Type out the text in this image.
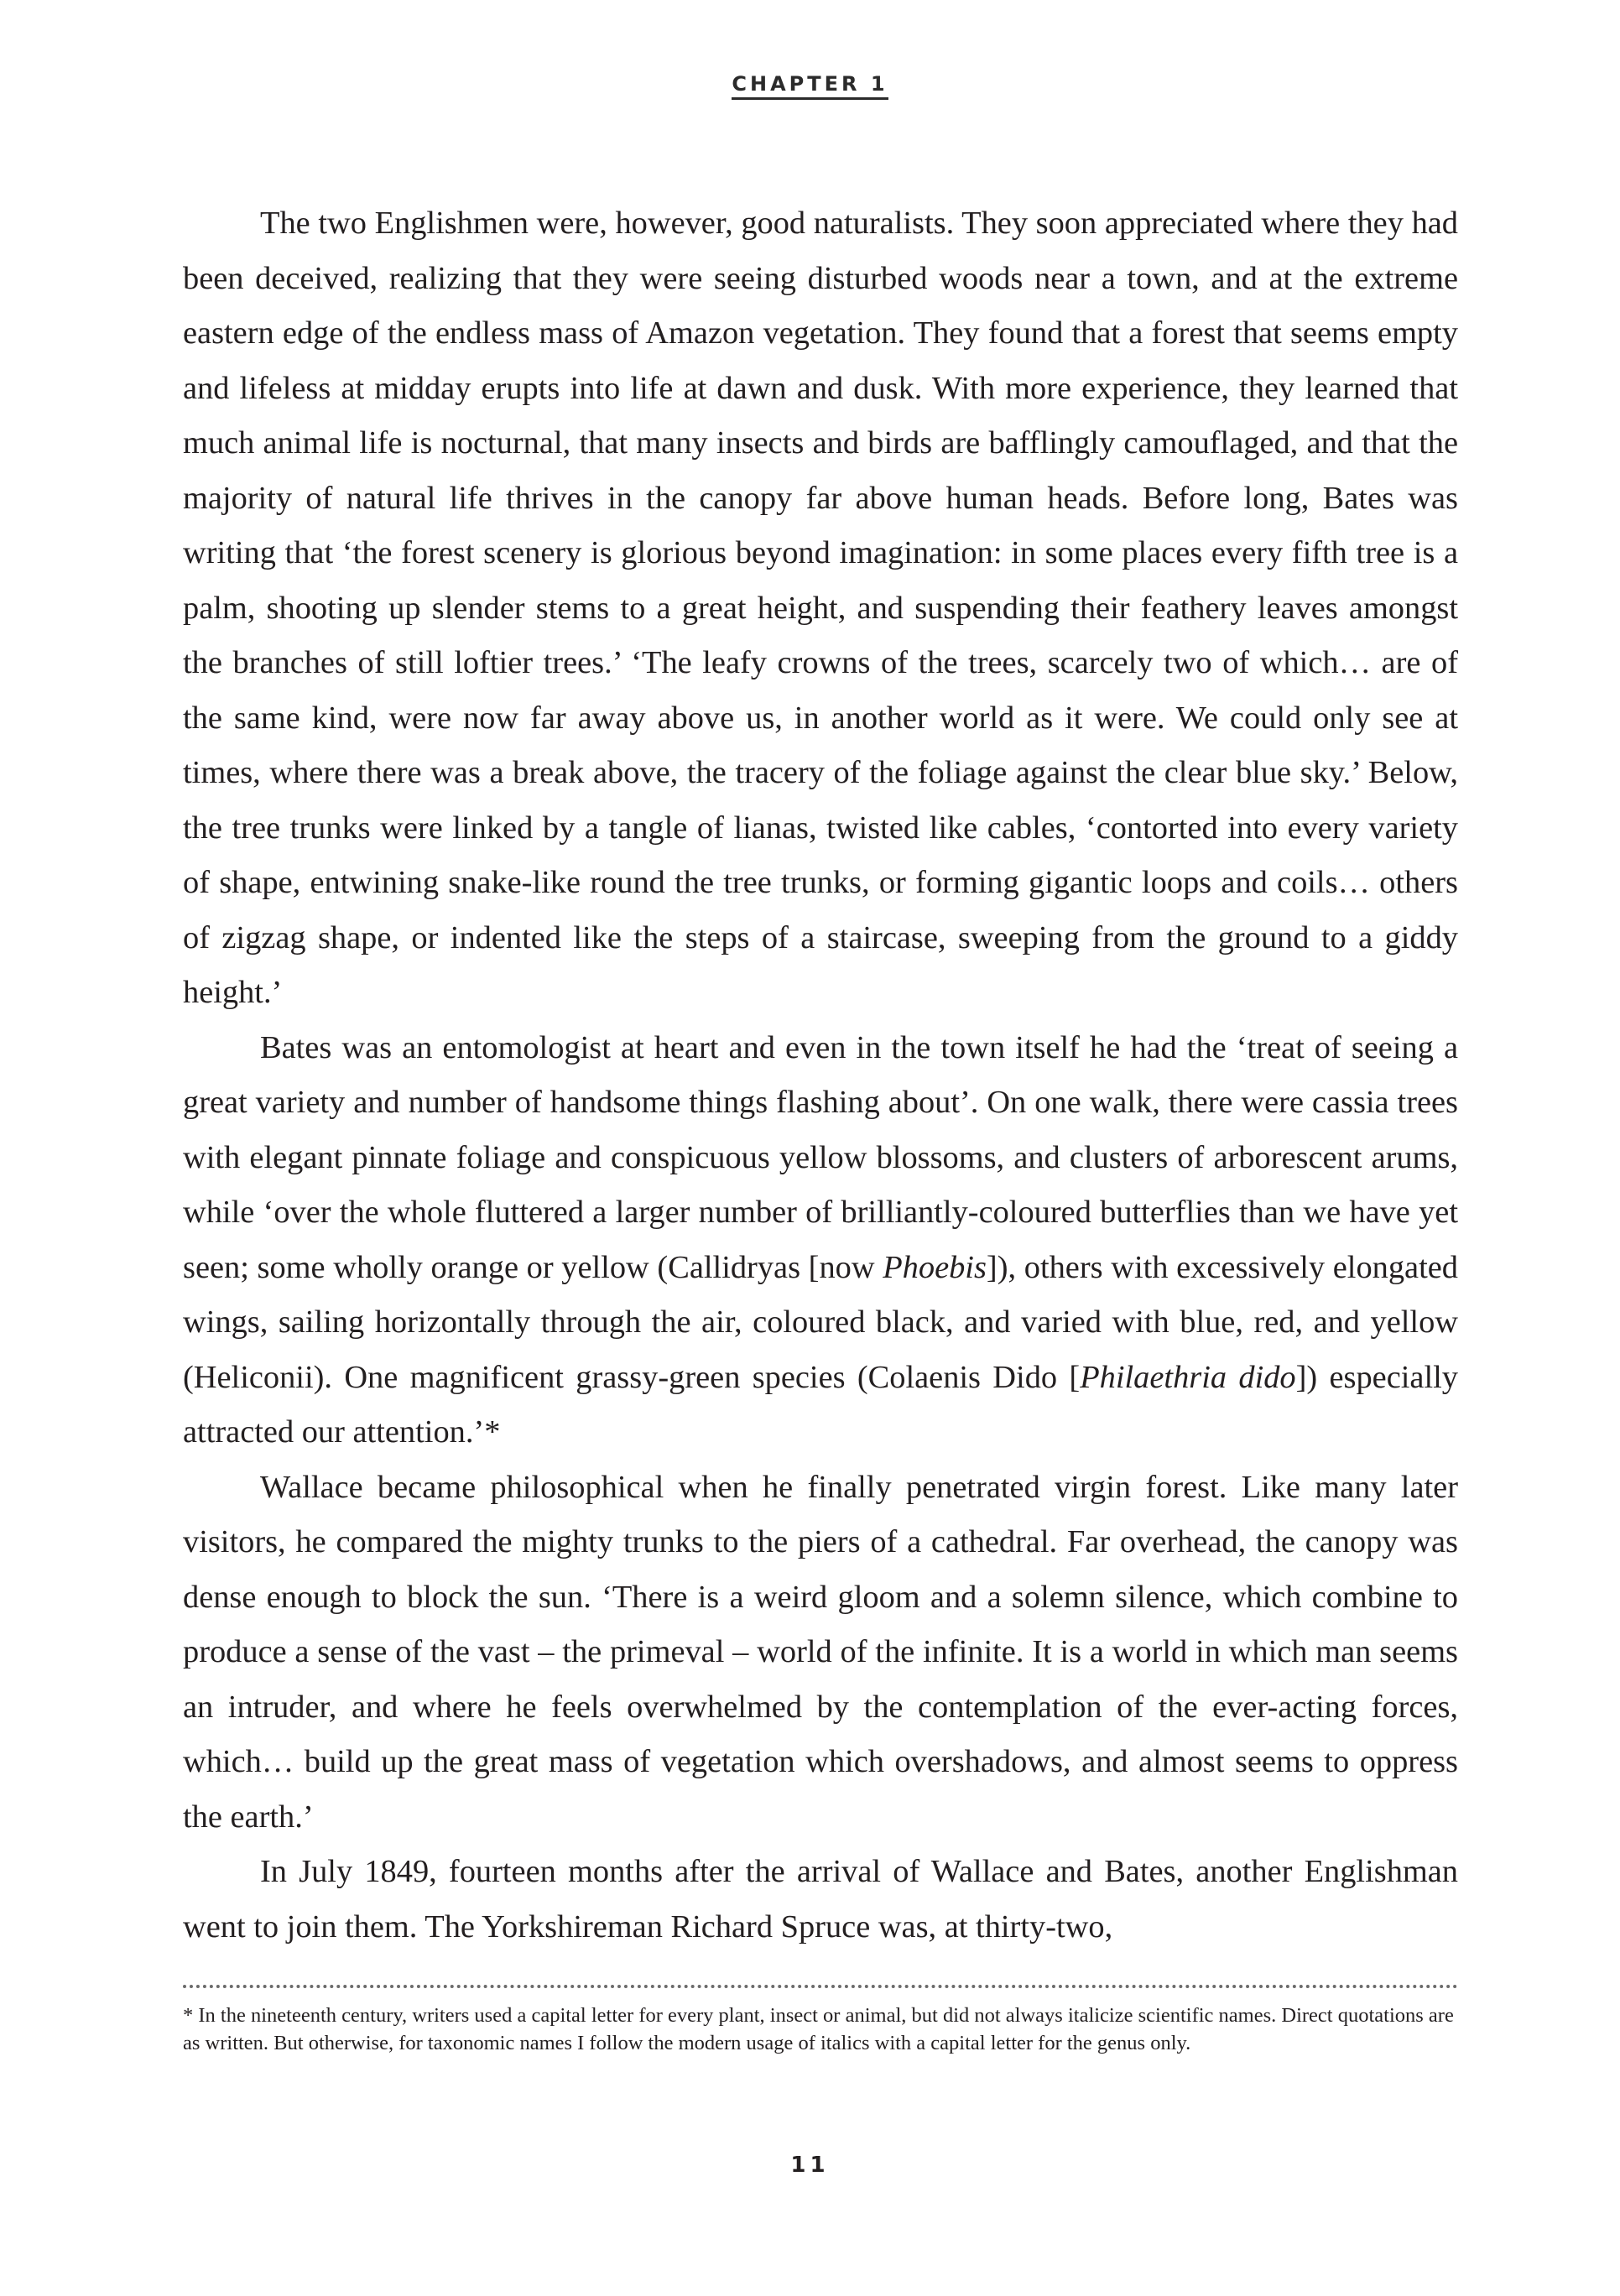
CHAPTER 1

The two Englishmen were, however, good naturalists. They soon appreciated where they had been deceived, realizing that they were seeing disturbed woods near a town, and at the extreme eastern edge of the endless mass of Amazon vegetation. They found that a forest that seems empty and lifeless at midday erupts into life at dawn and dusk. With more experience, they learned that much animal life is nocturnal, that many insects and birds are bafflingly camouflaged, and that the majority of natural life thrives in the canopy far above human heads. Before long, Bates was writing that ‘the forest scenery is glorious beyond imagination: in some places every fifth tree is a palm, shooting up slender stems to a great height, and suspending their feathery leaves amongst the branches of still loftier trees.’ ‘The leafy crowns of the trees, scarcely two of which… are of the same kind, were now far away above us, in another world as it were. We could only see at times, where there was a break above, the tracery of the foliage against the clear blue sky.’ Below, the tree trunks were linked by a tangle of lianas, twisted like cables, ‘contorted into every variety of shape, entwining snake-like round the tree trunks, or forming gigantic loops and coils… others of zigzag shape, or indented like the steps of a staircase, sweeping from the ground to a giddy height.’

Bates was an entomologist at heart and even in the town itself he had the ‘treat of seeing a great variety and number of handsome things flashing about’. On one walk, there were cassia trees with elegant pinnate foliage and conspicuous yellow blossoms, and clusters of arborescent arums, while ‘over the whole fluttered a larger number of brilliantly-coloured butterflies than we have yet seen; some wholly orange or yellow (Callidryas [now Phoebis]), others with excessively elongated wings, sailing horizontally through the air, coloured black, and varied with blue, red, and yellow (Heliconii). One magnificent grassy-green species (Colaenis Dido [Philaethria dido]) especially attracted our attention.’*

Wallace became philosophical when he finally penetrated virgin forest. Like many later visitors, he compared the mighty trunks to the piers of a cathedral. Far overhead, the canopy was dense enough to block the sun. ‘There is a weird gloom and a solemn silence, which combine to produce a sense of the vast – the primeval – world of the infinite. It is a world in which man seems an intruder, and where he feels overwhelmed by the contemplation of the ever-acting forces, which… build up the great mass of vegetation which overshadows, and almost seems to oppress the earth.’

In July 1849, fourteen months after the arrival of Wallace and Bates, another Englishman went to join them. The Yorkshireman Richard Spruce was, at thirty-two,

* In the nineteenth century, writers used a capital letter for every plant, insect or animal, but did not always italicize scientific names. Direct quotations are as written. But otherwise, for taxonomic names I follow the modern usage of italics with a capital letter for the genus only.

11
